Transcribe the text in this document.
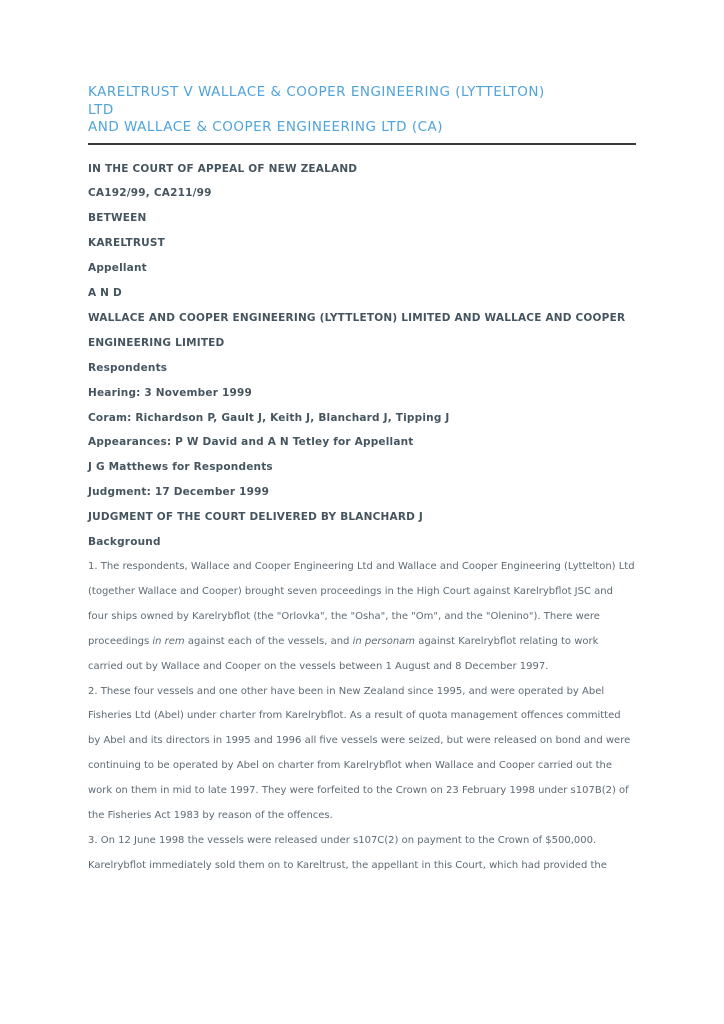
KARELTRUST V WALLACE & COOPER ENGINEERING (LYTTELTON)
LTD
AND WALLACE & COOPER ENGINEERING LTD (CA)
IN THE COURT OF APPEAL OF NEW ZEALAND
CA192/99, CA211/99
BETWEEN
KARELTRUST
Appellant
A N D
WALLACE AND COOPER ENGINEERING (LYTTLETON) LIMITED AND WALLACE AND COOPER
ENGINEERING LIMITED
Respondents
Hearing: 3 November 1999
Coram: Richardson P, Gault J, Keith J, Blanchard J, Tipping J
Appearances: P W David and A N Tetley for Appellant
J G Matthews for Respondents
Judgment: 17 December 1999
JUDGMENT OF THE COURT DELIVERED BY BLANCHARD J
Background

1. The respondents, Wallace and Cooper Engineering Ltd and Wallace and Cooper Engineering (Lyttelton) Ltd (together Wallace and Cooper) brought seven proceedings in the High Court against Karelrybflot JSC and four ships owned by Karelrybflot (the "Orlovka", the "Osha", the "Om", and the "Olenino"). There were proceedings in rem against each of the vessels, and in personam against Karelrybflot relating to work carried out by Wallace and Cooper on the vessels between 1 August and 8 December 1997.

2. These four vessels and one other have been in New Zealand since 1995, and were operated by Abel Fisheries Ltd (Abel) under charter from Karelrybflot. As a result of quota management offences committed by Abel and its directors in 1995 and 1996 all five vessels were seized, but were released on bond and were continuing to be operated by Abel on charter from Karelrybflot when Wallace and Cooper carried out the work on them in mid to late 1997. They were forfeited to the Crown on 23 February 1998 under s107B(2) of the Fisheries Act 1983 by reason of the offences.

3. On 12 June 1998 the vessels were released under s107C(2) on payment to the Crown of $500,000. Karelrybflot immediately sold them on to Kareltrust, the appellant in this Court, which had provided the
